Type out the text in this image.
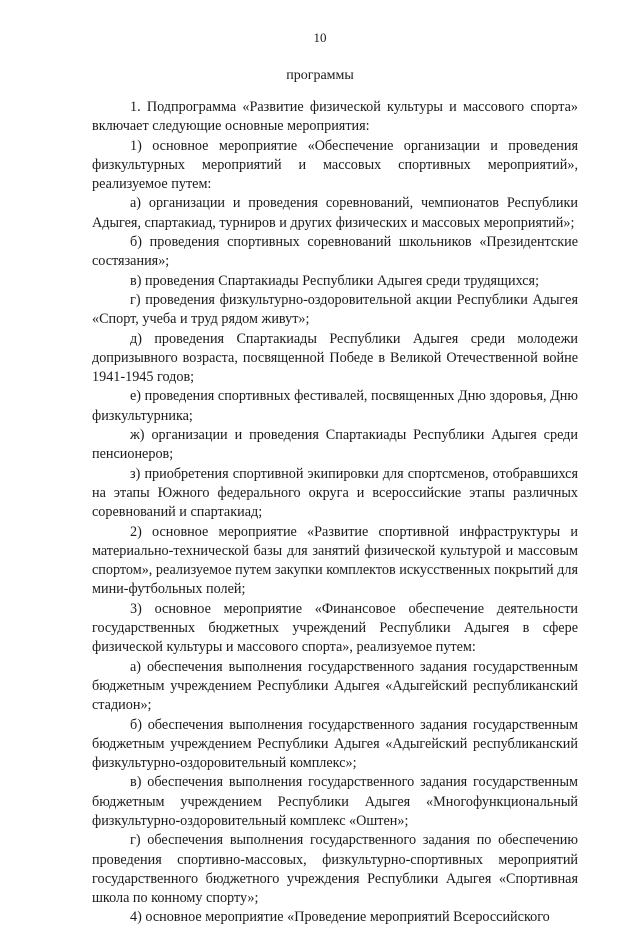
10
программы

1. Подпрограмма «Развитие физической культуры и массового спорта» включает следующие основные мероприятия:

1) основное мероприятие «Обеспечение организации и проведения физкультурных мероприятий и массовых спортивных мероприятий», реализуемое путем:

а) организации и проведения соревнований, чемпионатов Республики Адыгея, спартакиад, турниров и других физических и массовых мероприятий»;

б) проведения спортивных соревнований школьников «Президентские состязания»;

в) проведения Спартакиады Республики Адыгея среди трудящихся;

г) проведения физкультурно-оздоровительной акции Республики Адыгея «Спорт, учеба и труд рядом живут»;

д) проведения Спартакиады Республики Адыгея среди молодежи допризывного возраста, посвященной Победе в Великой Отечественной войне 1941-1945 годов;

е) проведения спортивных фестивалей, посвященных Дню здоровья, Дню физкультурника;

ж) организации и проведения Спартакиады Республики Адыгея среди пенсионеров;

з) приобретения спортивной экипировки для спортсменов, отобравшихся на этапы Южного федерального округа и всероссийские этапы различных соревнований и спартакиад;

2) основное мероприятие «Развитие спортивной инфраструктуры и материально-технической базы для занятий физической культурой и массовым спортом», реализуемое путем закупки комплектов искусственных покрытий для мини-футбольных полей;

3) основное мероприятие «Финансовое обеспечение деятельности государственных бюджетных учреждений Республики Адыгея в сфере физической культуры и массового спорта», реализуемое путем:

а) обеспечения выполнения государственного задания государственным бюджетным учреждением Республики Адыгея «Адыгейский республиканский стадион»;

б) обеспечения выполнения государственного задания государственным бюджетным учреждением Республики Адыгея «Адыгейский республиканский физкультурно-оздоровительный комплекс»;

в) обеспечения выполнения государственного задания государственным бюджетным учреждением Республики Адыгея «Многофункциональный физкультурно-оздоровительный комплекс «Оштен»;

г) обеспечения выполнения государственного задания по обеспечению проведения спортивно-массовых, физкультурно-спортивных мероприятий государственного бюджетного учреждения Республики Адыгея «Спортивная школа по конному спорту»;

4) основное мероприятие «Проведение мероприятий Всероссийского
